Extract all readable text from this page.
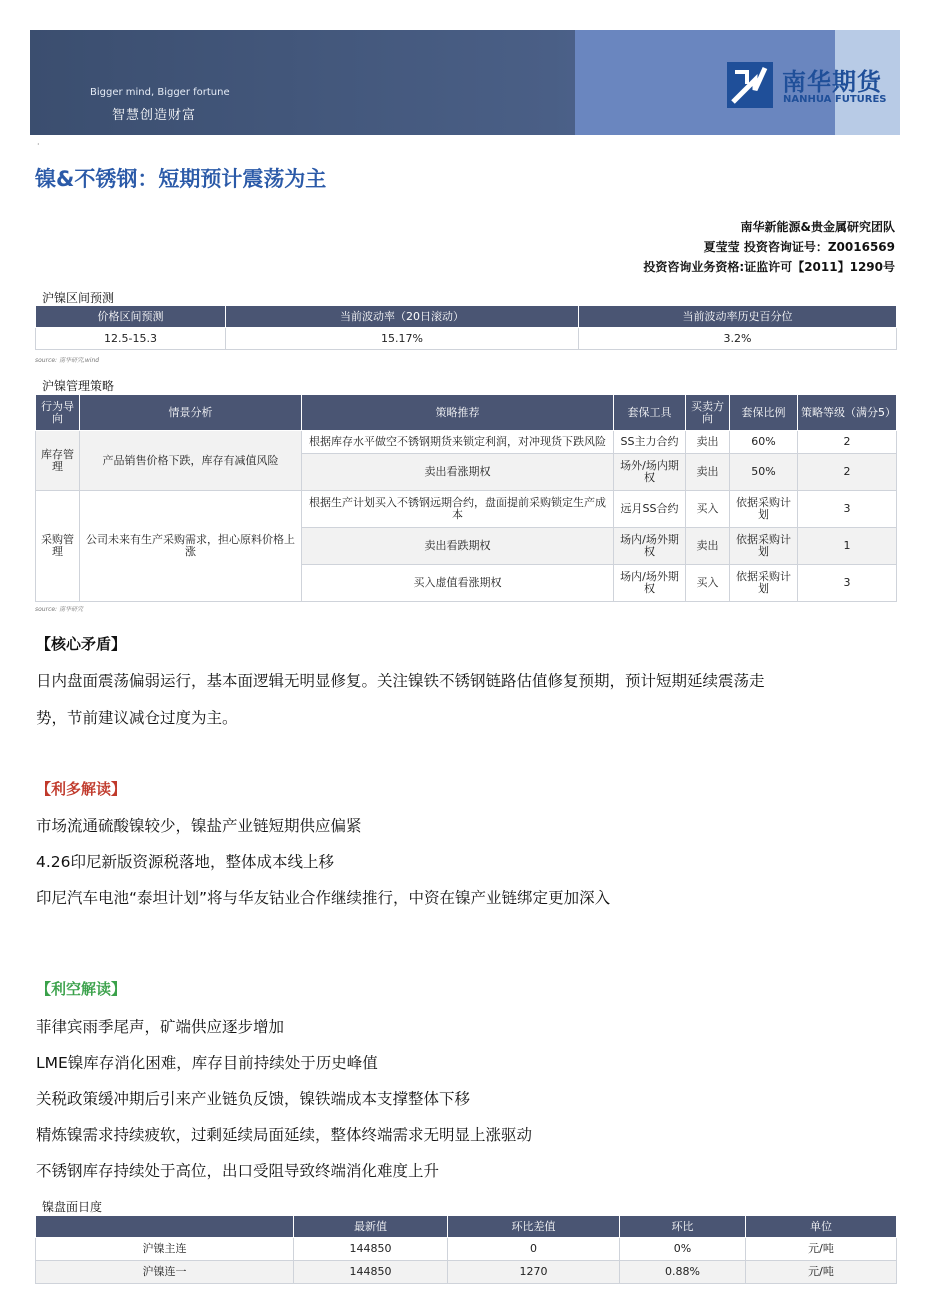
Bigger mind, Bigger fortune
智慧创造财富
南华期货
NANHUA FUTURES
·
镍&不锈钢：短期预计震荡为主
南华新能源&贵金属研究团队
夏莹莹 投资咨询证号：Z0016569
投资咨询业务资格:证监许可【2011】1290号
沪镍区间预测
价格区间预测	当前波动率（20日滚动）	当前波动率历史百分位
12.5-15.3	15.17%	3.2%
source: 南华研究,wind
沪镍管理策略
行为导向	情景分析	策略推荐	套保工具	买卖方向	套保比例	策略等级（满分5）
库存管理	产品销售价格下跌，库存有减值风险	根据库存水平做空不锈钢期货来锁定利润，对冲现货下跌风险	SS主力合约	卖出	60%	2
		卖出看涨期权	场外/场内期权	卖出	50%	2
采购管理	公司未来有生产采购需求，担心原料价格上涨	根据生产计划买入不锈钢远期合约，盘面提前采购锁定生产成本	远月SS合约	买入	依据采购计划	3
		卖出看跌期权	场内/场外期权	卖出	依据采购计划	1
		买入虚值看涨期权	场内/场外期权	买入	依据采购计划	3
source: 南华研究
【核心矛盾】
日内盘面震荡偏弱运行，基本面逻辑无明显修复。关注镍铁不锈钢链路估值修复预期，预计短期延续震荡走
势，节前建议减仓过度为主。
【利多解读】
市场流通硫酸镍较少，镍盐产业链短期供应偏紧
4.26印尼新版资源税落地，整体成本线上移
印尼汽车电池“泰坦计划”将与华友钴业合作继续推行，中资在镍产业链绑定更加深入
【利空解读】
菲律宾雨季尾声，矿端供应逐步增加
LME镍库存消化困难，库存目前持续处于历史峰值
关税政策缓冲期后引来产业链负反馈，镍铁端成本支撑整体下移
精炼镍需求持续疲软，过剩延续局面延续，整体终端需求无明显上涨驱动
不锈钢库存持续处于高位，出口受阻导致终端消化难度上升
镍盘面日度
	最新值	环比差值	环比	单位
沪镍主连	144850	0	0%	元/吨
沪镍连一	144850	1270	0.88%	元/吨
